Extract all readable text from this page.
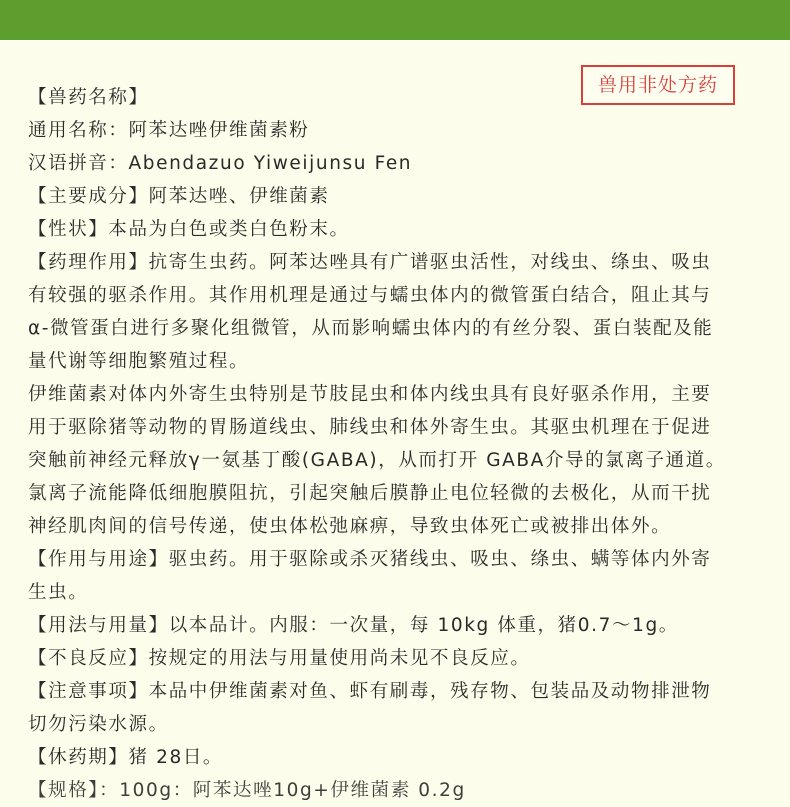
兽用非处方药

【兽药名称】

通用名称：阿苯达唑伊维菌素粉

汉语拼音：Abendazuo Yiweijunsu Fen

【主要成分】阿苯达唑、伊维菌素

【性状】本品为白色或类白色粉末。

【药理作用】抗寄生虫药。阿苯达唑具有广谱驱虫活性，对线虫、绦虫、吸虫

有较强的驱杀作用。其作用机理是通过与蠕虫体内的微管蛋白结合，阻止其与

α-微管蛋白进行多聚化组微管，从而影响蠕虫体内的有丝分裂、蛋白装配及能

量代谢等细胞繁殖过程。

伊维菌素对体内外寄生虫特别是节肢昆虫和体内线虫具有良好驱杀作用，主要

用于驱除猪等动物的胃肠道线虫、肺线虫和体外寄生虫。其驱虫机理在于促进

突触前神经元释放γ一氨基丁酸(GABA)，从而打开 GABA介导的氯离子通道。

氯离子流能降低细胞膜阻抗，引起突触后膜静止电位轻微的去极化，从而干扰

神经肌肉间的信号传递，使虫体松弛麻痹，导致虫体死亡或被排出体外。

【作用与用途】驱虫药。用于驱除或杀灭猪线虫、吸虫、绦虫、螨等体内外寄

生虫。

【用法与用量】以本品计。内服：一次量，每 10kg 体重，猪0.7～1g。

【不良反应】按规定的用法与用量使用尚未见不良反应。

【注意事项】本品中伊维菌素对鱼、虾有刷毒，残存物、包装品及动物排泄物

切勿污染水源。

【休药期】猪 28日。

【规格】：100g：阿苯达唑10g+伊维菌素 0.2g
